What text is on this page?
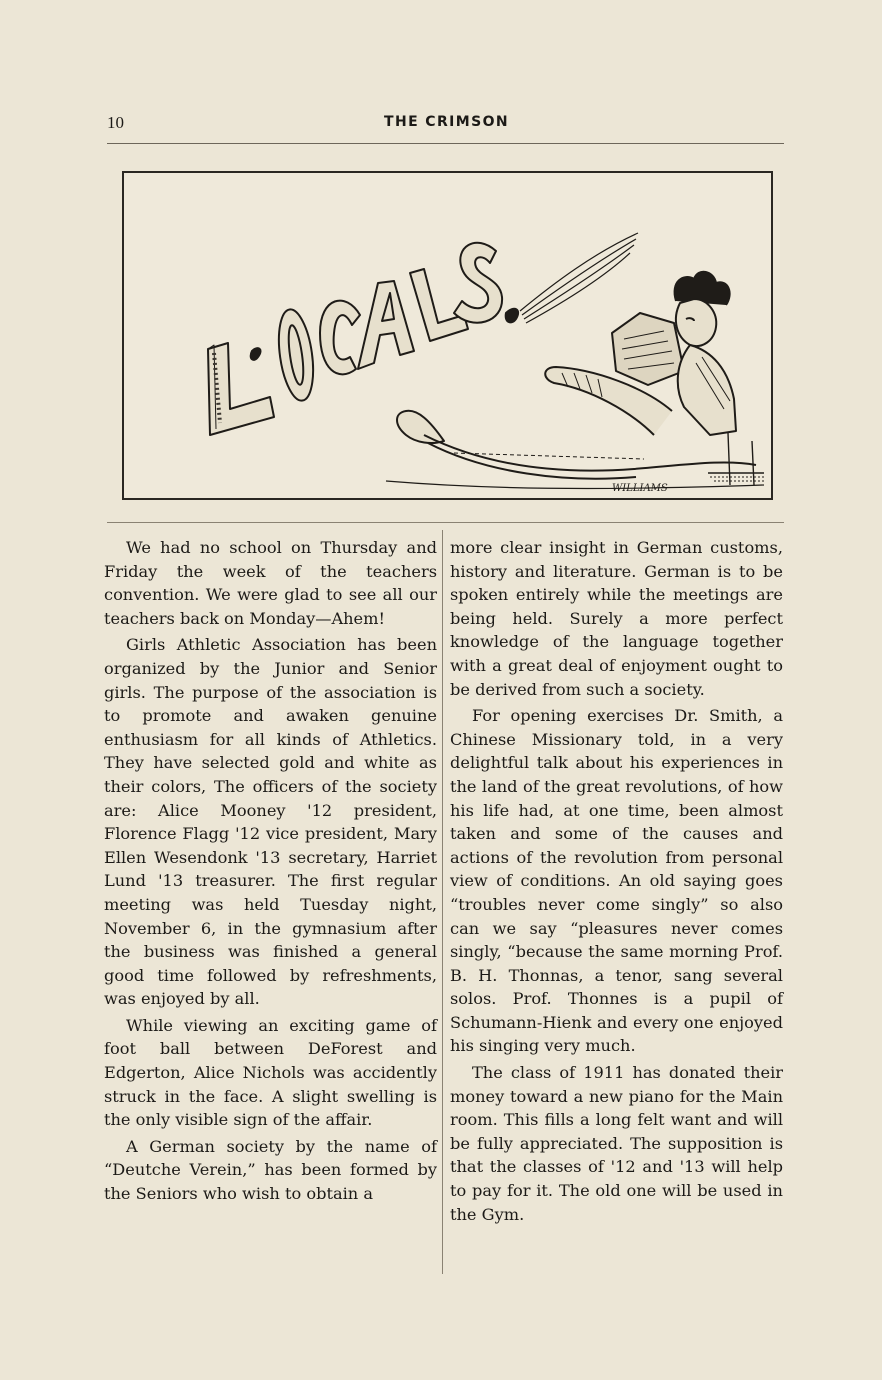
10	THE CRIMSON
WILLIAMS

We had no school on Thursday and Friday the week of the teachers convention. We were glad to see all our teachers back on Monday—Ahem!

Girls Athletic Association has been organized by the Junior and Senior girls. The purpose of the association is to promote and awaken genuine enthusiasm for all kinds of Athletics. They have selected gold and white as their colors, The officers of the society are: Alice Mooney '12 president, Florence Flagg '12 vice president, Mary Ellen Wesendonk '13 secretary, Harriet Lund '13 treasurer. The first regular meeting was held Tuesday night, November 6, in the gymnasium after the business was finished a general good time followed by refreshments, was enjoyed by all.

While viewing an exciting game of foot ball between DeForest and Edgerton, Alice Nichols was accidently struck in the face. A slight swelling is the only visible sign of the affair.

A German society by the name of “Deutche Verein,” has been formed by the Seniors who wish to obtain a

more clear insight in German customs, history and literature. German is to be spoken entirely while the meetings are being held. Surely a more perfect knowledge of the language together with a great deal of enjoyment ought to be derived from such a society.

For opening exercises Dr. Smith, a Chinese Missionary told, in a very delightful talk about his experiences in the land of the great revolutions, of how his life had, at one time, been almost taken and some of the causes and actions of the revolution from personal view of conditions. An old saying goes “troubles never come singly” so also can we say “pleasures never comes singly, “because the same morning Prof. B. H. Thonnas, a tenor, sang several solos. Prof. Thonnes is a pupil of Schumann-Hienk and every one enjoyed his singing very much.

The class of 1911 has donated their money toward a new piano for the Main room. This fills a long felt want and will be fully appreciated. The supposition is that the classes of '12 and '13 will help to pay for it. The old one will be used in the Gym.
